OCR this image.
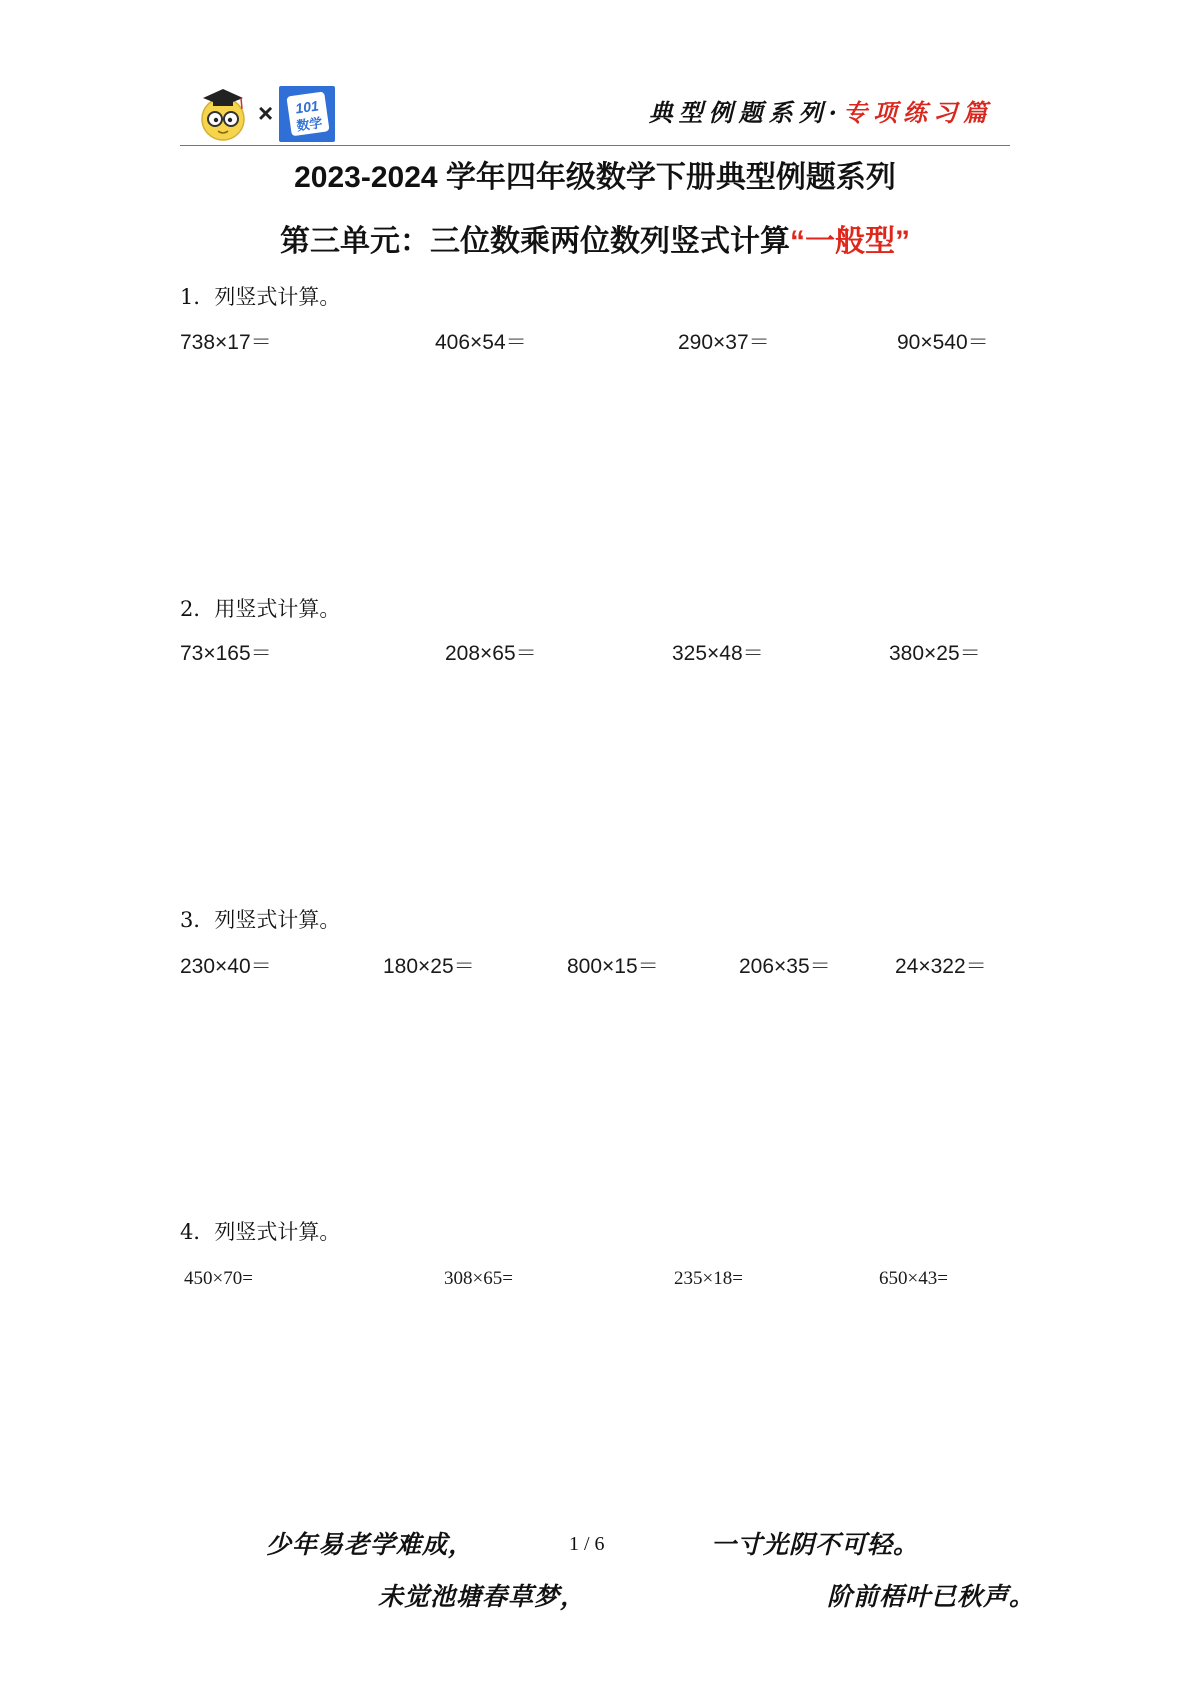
× 101
数学	典型例题系列·专项练习篇
2023-2024 学年四年级数学下册典型例题系列
第三单元：三位数乘两位数列竖式计算“一般型”
1．列竖式计算。
738×17＝	406×54＝	290×37＝	90×540＝
2．用竖式计算。
73×165＝	208×65＝	325×48＝	380×25＝
3．列竖式计算。
230×40＝	180×25＝	800×15＝	206×35＝	24×322＝
4．列竖式计算。
450×70=	308×65=	235×18=	650×43=
少年易老学难成，	1 / 6	一寸光阴不可轻。
未觉池塘春草梦，	阶前梧叶已秋声。
